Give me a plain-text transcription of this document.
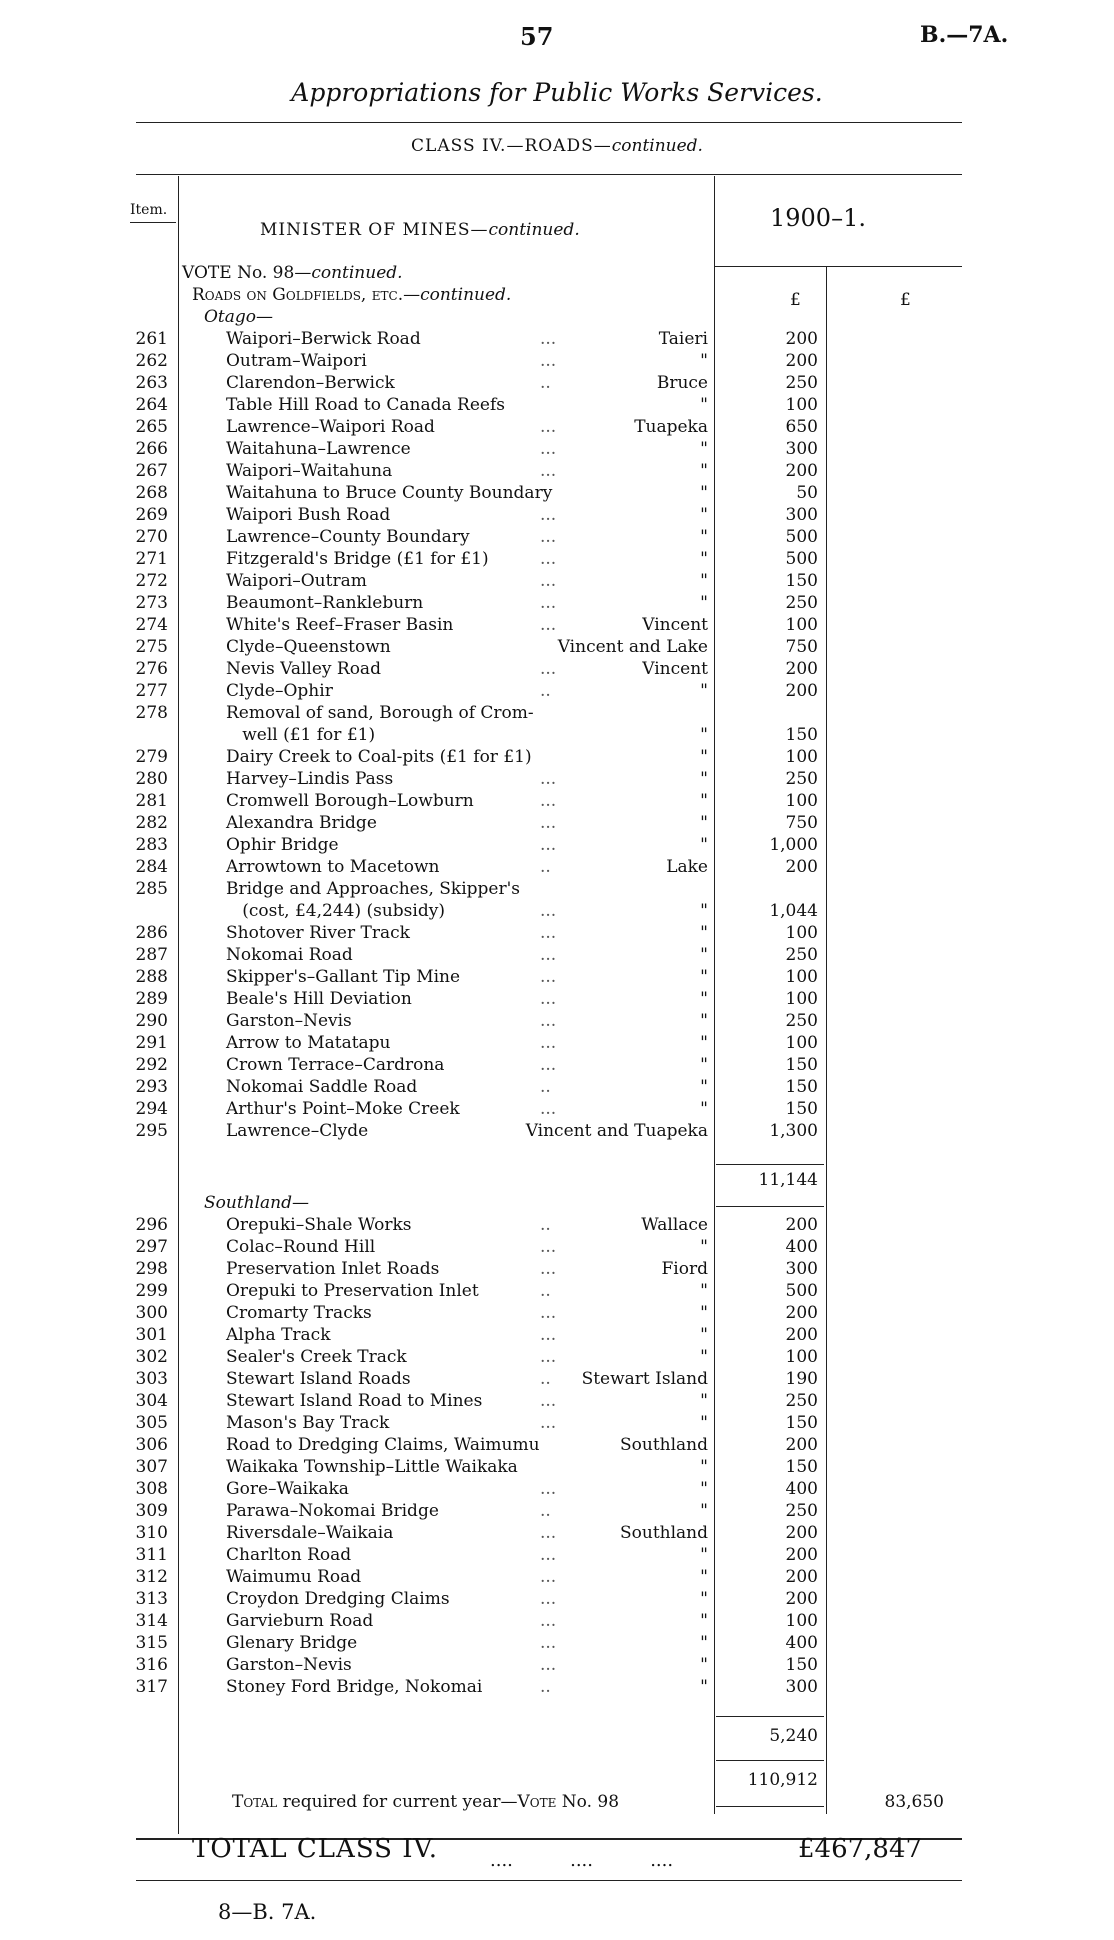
57	B.—7A.
Appropriations for Public Works Services.
CLASS IV.—ROADS—continued.
Item.
MINISTER OF MINES—continued.	1900–1.
£	£
VOTE No. 98—continued.
Roads on Goldfields, etc.—continued.
Otago—
261	Waipori–Berwick Road	...	Taieri	200
262	Outram–Waipori	...	"	200
263	Clarendon–Berwick	..	Bruce	250
264	Table Hill Road to Canada Reefs	"	100
265	Lawrence–Waipori Road	...	Tuapeka	650
266	Waitahuna–Lawrence	...	"	300
267	Waipori–Waitahuna	...	"	200
268	Waitahuna to Bruce County Boundary	"	50
269	Waipori Bush Road	...	"	300
270	Lawrence–County Boundary	...	"	500
271	Fitzgerald's Bridge (£1 for £1)	...	"	500
272	Waipori–Outram	...	"	150
273	Beaumont–Rankleburn	...	"	250
274	White's Reef–Fraser Basin	...	Vincent	100
275	Clyde–Queenstown	Vincent and Lake	750
276	Nevis Valley Road	...	Vincent	200
277	Clyde–Ophir	..	"	200
278	Removal of sand, Borough of Crom-
well (£1 for £1)	"	150
279	Dairy Creek to Coal-pits (£1 for £1)	"	100
280	Harvey–Lindis Pass	...	"	250
281	Cromwell Borough–Lowburn	...	"	100
282	Alexandra Bridge	...	"	750
283	Ophir Bridge	...	"	1,000
284	Arrowtown to Macetown	..	Lake	200
285	Bridge and Approaches, Skipper's
(cost, £4,244) (subsidy)	...	"	1,044
286	Shotover River Track	...	"	100
287	Nokomai Road	...	"	250
288	Skipper's–Gallant Tip Mine	...	"	100
289	Beale's Hill Deviation	...	"	100
290	Garston–Nevis	...	"	250
291	Arrow to Matatapu	...	"	100
292	Crown Terrace–Cardrona	...	"	150
293	Nokomai Saddle Road	..	"	150
294	Arthur's Point–Moke Creek	...	"	150
295	Lawrence–Clyde	Vincent and Tuapeka	1,300
11,144
Southland—
296	Orepuki–Shale Works	..	Wallace	200
297	Colac–Round Hill	...	"	400
298	Preservation Inlet Roads	...	Fiord	300
299	Orepuki to Preservation Inlet	..	"	500
300	Cromarty Tracks	...	"	200
301	Alpha Track	...	"	200
302	Sealer's Creek Track	...	"	100
303	Stewart Island Roads	.. Stewart Island	190
304	Stewart Island Road to Mines	...	"	250
305	Mason's Bay Track	...	"	150
306	Road to Dredging Claims, Waimumu	Southland	200
307	Waikaka Township–Little Waikaka	"	150
308	Gore–Waikaka	...	"	400
309	Parawa–Nokomai Bridge	..	"	250
310	Riversdale–Waikaia	...	Southland	200
311	Charlton Road	...	"	200
312	Waimumu Road	...	"	200
313	Croydon Dredging Claims	...	"	200
314	Garvieburn Road	...	"	100
315	Glenary Bridge	...	"	400
316	Garston–Nevis	...	"	150
317	Stoney Ford Bridge, Nokomai	..	"	300
5,240
110,912
Total required for current year—Vote No. 98	83,650
TOTAL CLASS IV.	....          ....          ....	£467,847
8—B. 7A.
